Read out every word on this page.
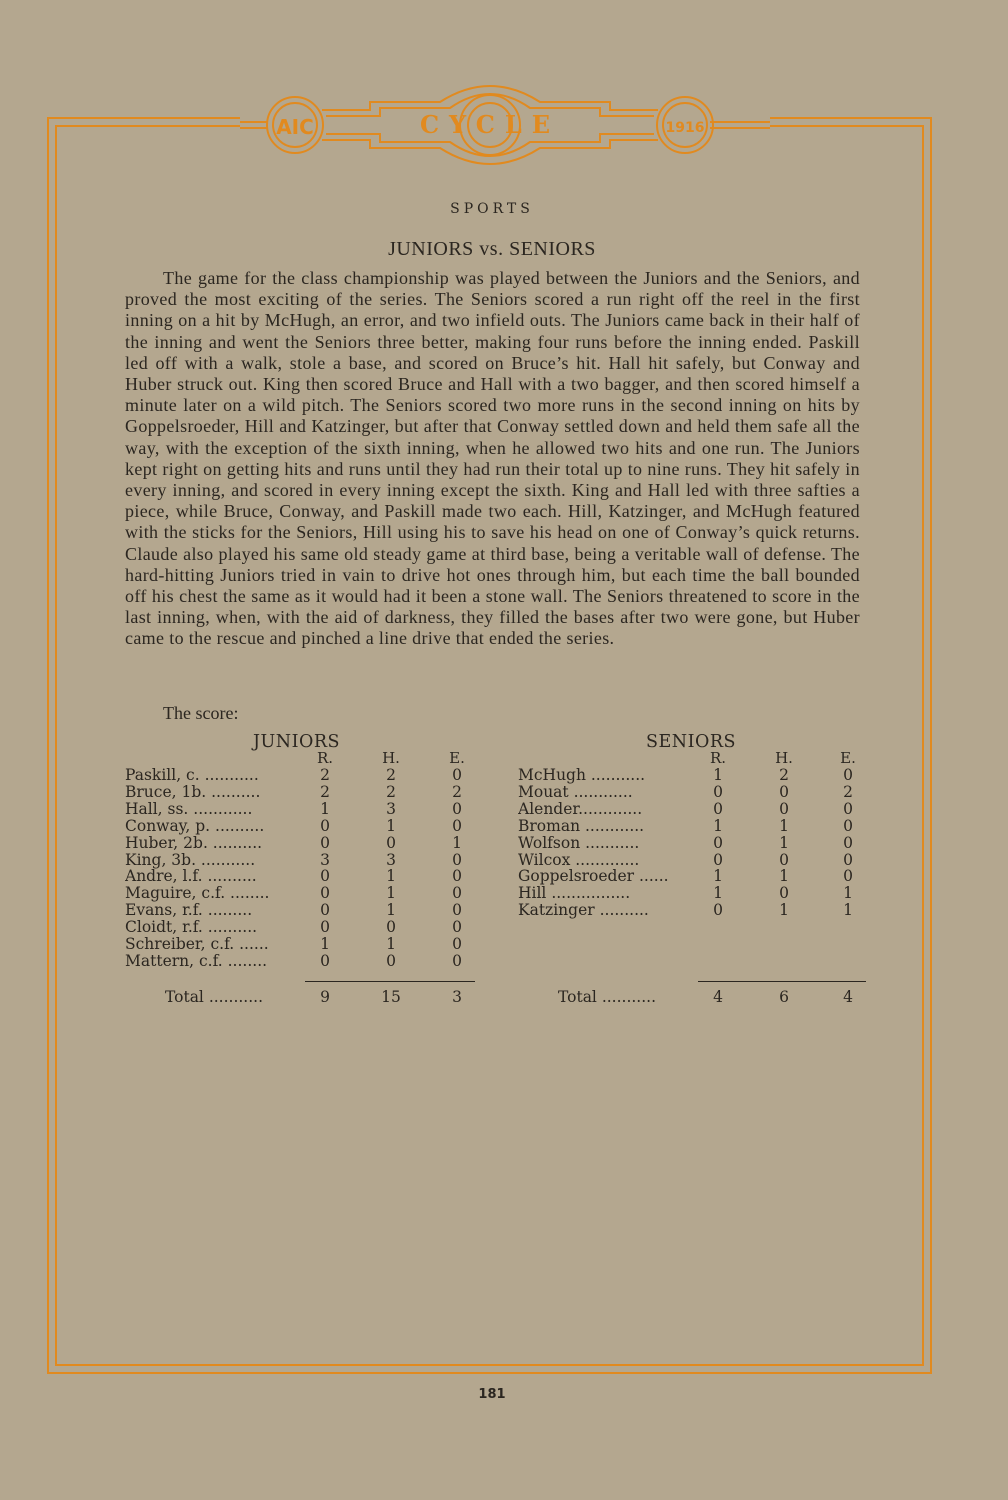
AIC	CYCLE	1916
SPORTS
JUNIORS vs. SENIORS
The game for the class championship was played between the Juniors and the Seniors, and proved the most exciting of the series. The Seniors scored a run right off the reel in the first inning on a hit by McHugh, an error, and two infield outs. The Juniors came back in their half of the inning and went the Seniors three better, making four runs before the inning ended. Paskill led off with a walk, stole a base, and scored on Bruce’s hit. Hall hit safely, but Conway and Huber struck out. King then scored Bruce and Hall with a two bagger, and then scored himself a minute later on a wild pitch. The Seniors scored two more runs in the second inning on hits by Goppelsroeder, Hill and Katzinger, but after that Conway settled down and held them safe all the way, with the exception of the sixth inning, when he allowed two hits and one run. The Juniors kept right on getting hits and runs until they had run their total up to nine runs. They hit safely in every inning, and scored in every inning except the sixth. King and Hall led with three safties a piece, while Bruce, Conway, and Paskill made two each. Hill, Katzinger, and McHugh featured with the sticks for the Seniors, Hill using his to save his head on one of Conway’s quick returns. Claude also played his same old steady game at third base, being a veritable wall of defense. The hard-hitting Juniors tried in vain to drive hot ones through him, but each time the ball bounded off his chest the same as it would had it been a stone wall. The Seniors threatened to score in the last inning, when, with the aid of darkness, they filled the bases after two were gone, but Huber came to the rescue and pinched a line drive that ended the series.
The score:
JUNIORS
R.	H.	E.
Paskill, c. ...........	2	2	0
Bruce, 1b. ..........	2	2	2
Hall, ss. ............	1	3	0
Conway, p. ..........	0	1	0
Huber, 2b. ..........	0	0	1
King, 3b. ...........	3	3	0
Andre, l.f. ..........	0	1	0
Maguire, c.f. ........	0	1	0
Evans, r.f. .........	0	1	0
Cloidt, r.f. ..........	0	0	0
Schreiber, c.f. ......	1	1	0
Mattern, c.f. ........	0	0	0
Total ...........	9	15	3
SENIORS
R.	H.	E.
McHugh ...........	1	2	0
Mouat ............	0	0	2
Alender.............	0	0	0
Broman ............	1	1	0
Wolfson ...........	0	1	0
Wilcox .............	0	0	0
Goppelsroeder ......	1	1	0
Hill ................	1	0	1
Katzinger ..........	0	1	1
Total ...........	4	6	4
181
